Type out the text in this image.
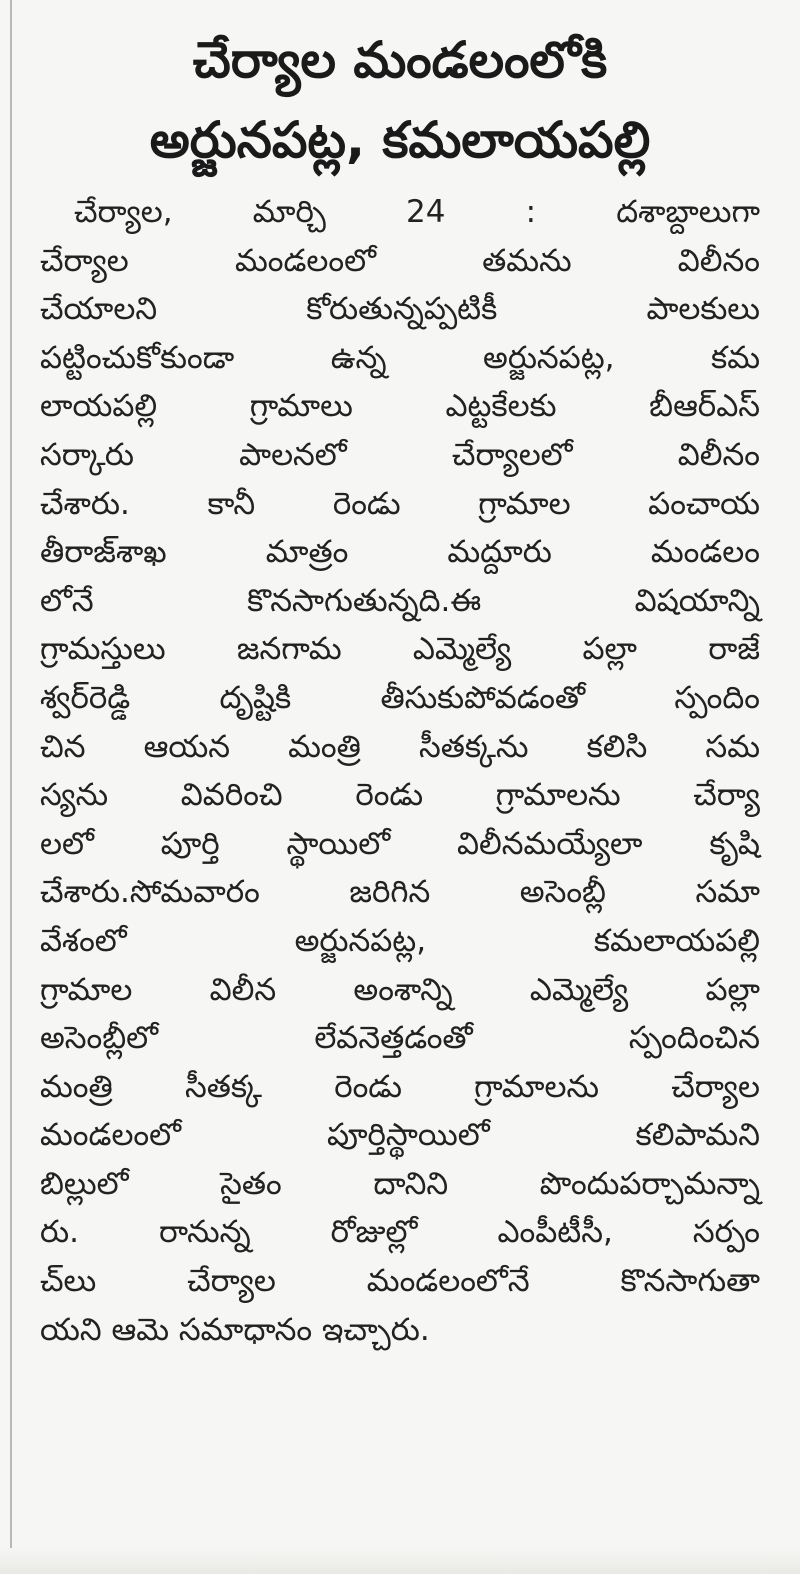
చేర్యాల మండలంలోకి
అర్జునపట్ల, కమలాయపల్లి
చేర్యాల, మార్చి 24 : దశాబ్దాలుగా
చేర్యాల మండలంలో తమను విలీనం
చేయాలని కోరుతున్నప్పటికీ పాలకులు
పట్టించుకోకుండా ఉన్న అర్జునపట్ల, కమ
లాయపల్లి గ్రామాలు ఎట్టకేలకు బీఆర్ఎస్
సర్కారు పాలనలో చేర్యాలలో విలీనం
చేశారు. కానీ రెండు గ్రామాల పంచాయ
తీరాజ్‌శాఖ మాత్రం మద్దూరు మండలం
లోనే కొనసాగుతున్నది.ఈ విషయాన్ని
గ్రామస్తులు జనగామ ఎమ్మెల్యే పల్లా రాజే
శ్వర్‌రెడ్డి దృష్టికి తీసుకుపోవడంతో స్పందిం
చిన ఆయన మంత్రి సీతక్కను కలిసి సమ
స్యను వివరించి రెండు గ్రామాలను చేర్యా
లలో పూర్తి స్థాయిలో విలీనమయ్యేలా కృషి
చేశారు.సోమవారం జరిగిన అసెంబ్లీ సమా
వేశంలో అర్జునపట్ల, కమలాయపల్లి
గ్రామాల విలీన అంశాన్ని ఎమ్మెల్యే పల్లా
అసెంబ్లీలో లేవనెత్తడంతో స్పందించిన
మంత్రి సీతక్క రెండు గ్రామాలను చేర్యాల
మండలంలో పూర్తిస్థాయిలో కలిపామని
బిల్లులో సైతం దానిని పొందుపర్చామన్నా
రు. రానున్న రోజుల్లో ఎంపీటీసీ, సర్పం
చ్‌లు చేర్యాల మండలంలోనే కొనసాగుతా
యని ఆమె సమాధానం ఇచ్చారు.
